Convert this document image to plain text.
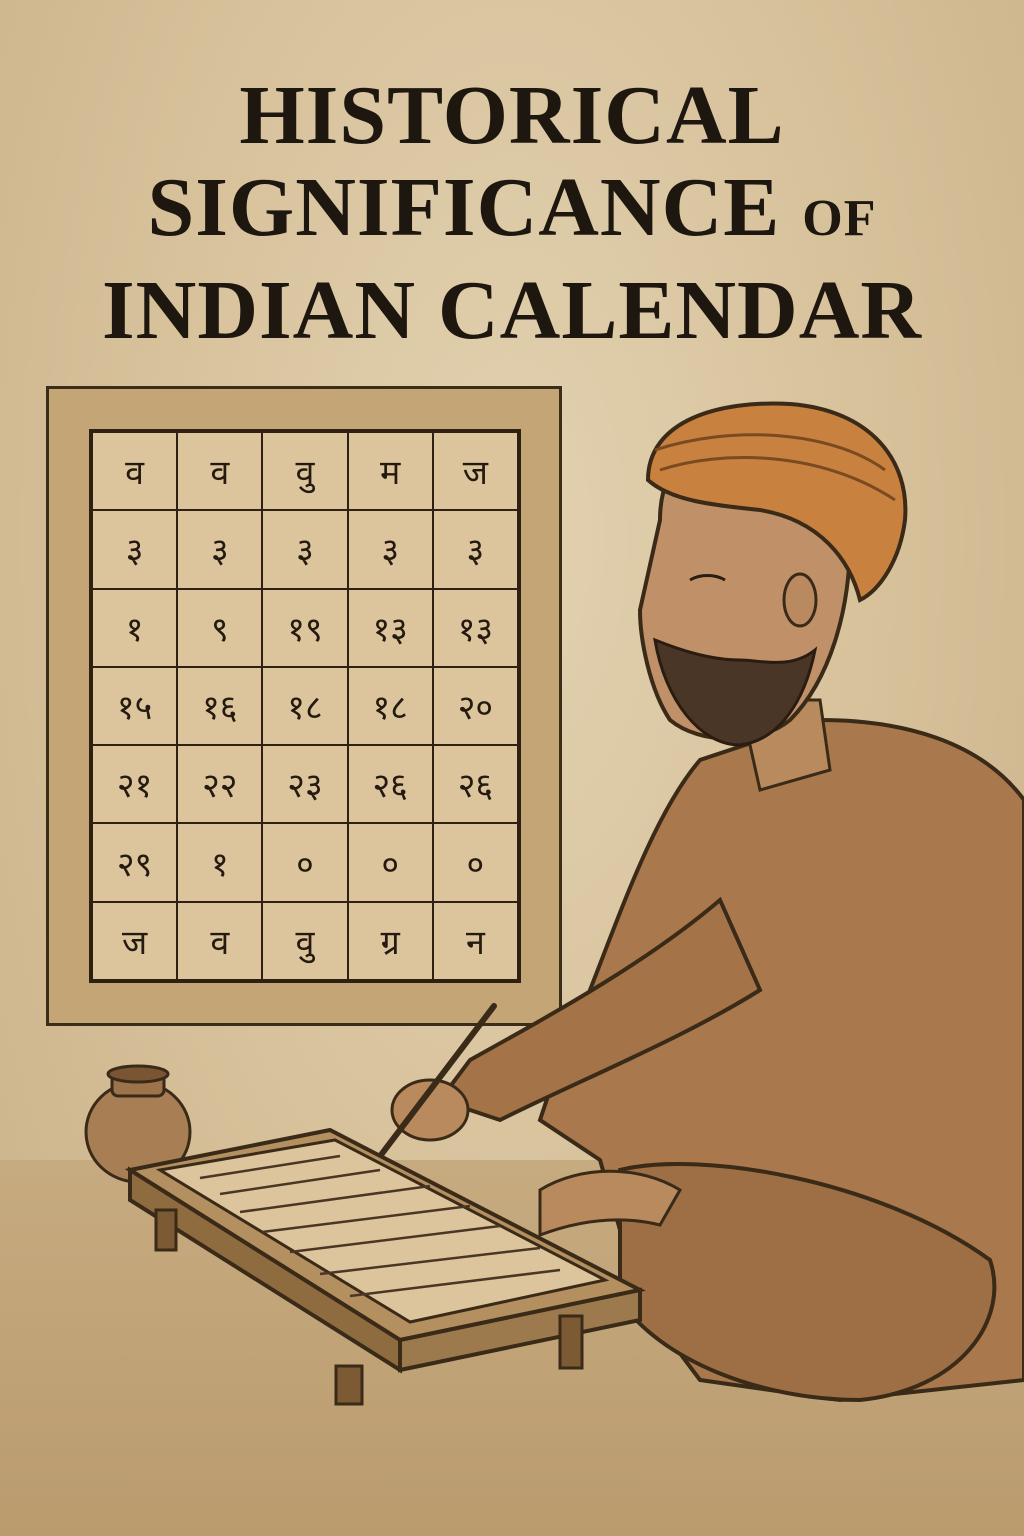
HISTORICAL
SIGNIFICANCE OF
INDIAN CALENDAR
व	व	वु	म	ज
३	३	३	३	३
१	९	१९	१३	१३
१५	१६	१८	१८	२०
२१	२२	२३	२६	२६
२९	१	०	०	०
ज	व	वु	ग्र	न
